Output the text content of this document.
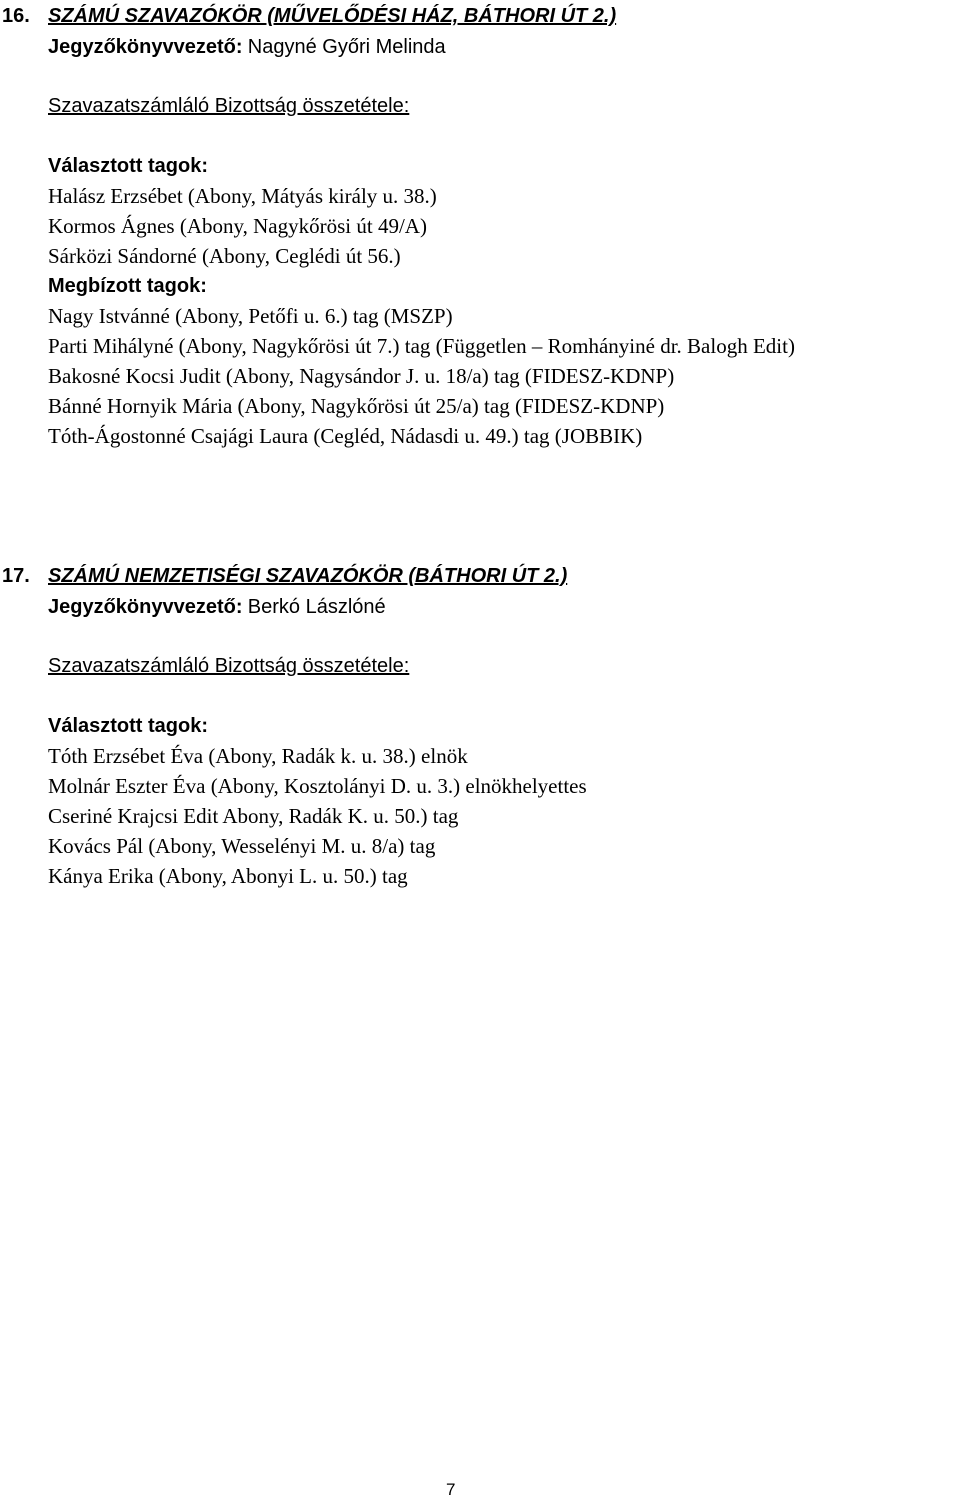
16. SZÁMÚ SZAVAZÓKÖR (MŰVELŐDÉSI HÁZ, BÁTHORI ÚT 2.)
Jegyzőkönyvvezető: Nagyné Győri Melinda
Szavazatszámláló Bizottság összetétele:
Választott tagok:
Halász Erzsébet (Abony, Mátyás király u. 38.)
Kormos Ágnes (Abony, Nagykőrösi út 49/A)
Sárközi Sándorné (Abony, Ceglédi út 56.)
Megbízott tagok:
Nagy Istvánné (Abony, Petőfi u. 6.) tag (MSZP)
Parti Mihályné (Abony, Nagykőrösi út 7.) tag (Független – Romhányiné dr. Balogh Edit)
Bakosné Kocsi Judit (Abony, Nagysándor J. u. 18/a) tag (FIDESZ-KDNP)
Bánné Hornyik Mária (Abony, Nagykőrösi út 25/a) tag (FIDESZ-KDNP)
Tóth-Ágostonné Csajági Laura (Cegléd, Nádasdi u. 49.) tag (JOBBIK)
17. SZÁMÚ NEMZETISÉGI SZAVAZÓKÖR (BÁTHORI ÚT 2.)
Jegyzőkönyvvezető: Berkó Lászlóné
Szavazatszámláló Bizottság összetétele:
Választott tagok:
Tóth Erzsébet Éva (Abony, Radák k. u. 38.) elnök
Molnár Eszter Éva (Abony, Kosztolányi D. u. 3.) elnökhelyettes
Cseriné Krajcsi Edit Abony, Radák K. u. 50.) tag
Kovács Pál (Abony, Wesselényi M. u. 8/a) tag
Kánya Erika (Abony, Abonyi L. u. 50.) tag
7
